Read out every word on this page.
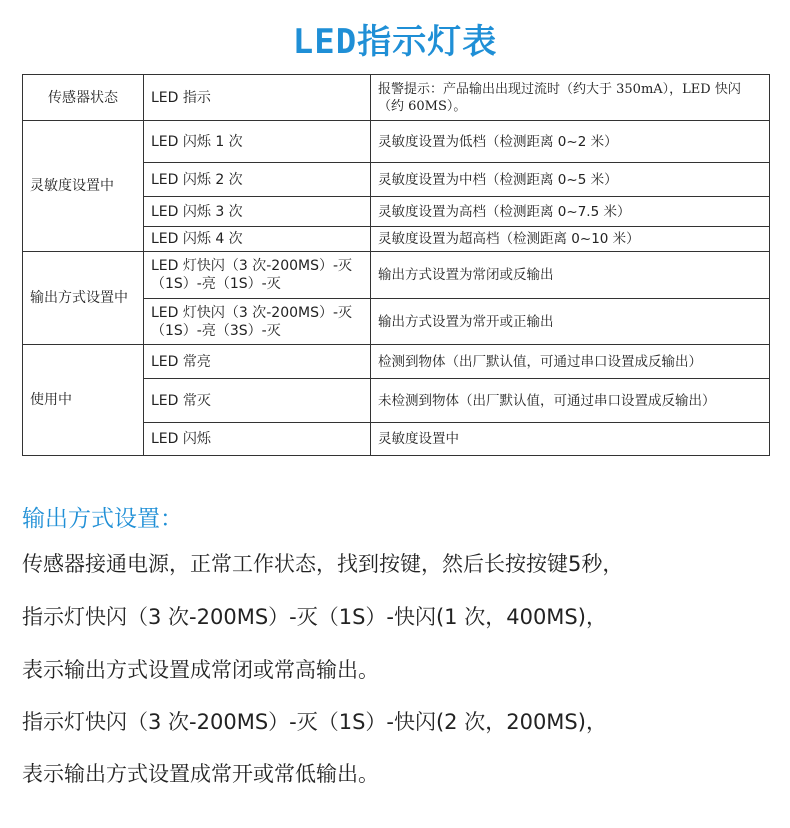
LED指示灯表
传感器状态	LED 指示	报警提示：产品输出出现过流时（约大于 350mA），LED 快闪（约 60MS）。
灵敏度设置中	LED 闪烁 1 次	灵敏度设置为低档（检测距离 0~2 米）
	LED 闪烁 2 次	灵敏度设置为中档（检测距离 0~5 米）
	LED 闪烁 3 次	灵敏度设置为高档（检测距离 0~7.5 米）
	LED 闪烁 4 次	灵敏度设置为超高档（检测距离 0~10 米）
输出方式设置中	LED 灯快闪（3 次-200MS）-灭（1S）-亮（1S）-灭	输出方式设置为常闭或反输出
	LED 灯快闪（3 次-200MS）-灭（1S）-亮（3S）-灭	输出方式设置为常开或正输出
使用中	LED 常亮	检测到物体（出厂默认值，可通过串口设置成反输出）
	LED 常灭	未检测到物体（出厂默认值，可通过串口设置成反输出）
	LED 闪烁	灵敏度设置中
输出方式设置：
传感器接通电源，正常工作状态，找到按键，然后长按按键5秒，
指示灯快闪（3 次-200MS）-灭（1S）-快闪(1 次，400MS)，
表示输出方式设置成常闭或常高输出。
指示灯快闪（3 次-200MS）-灭（1S）-快闪(2 次，200MS)，
表示输出方式设置成常开或常低输出。
